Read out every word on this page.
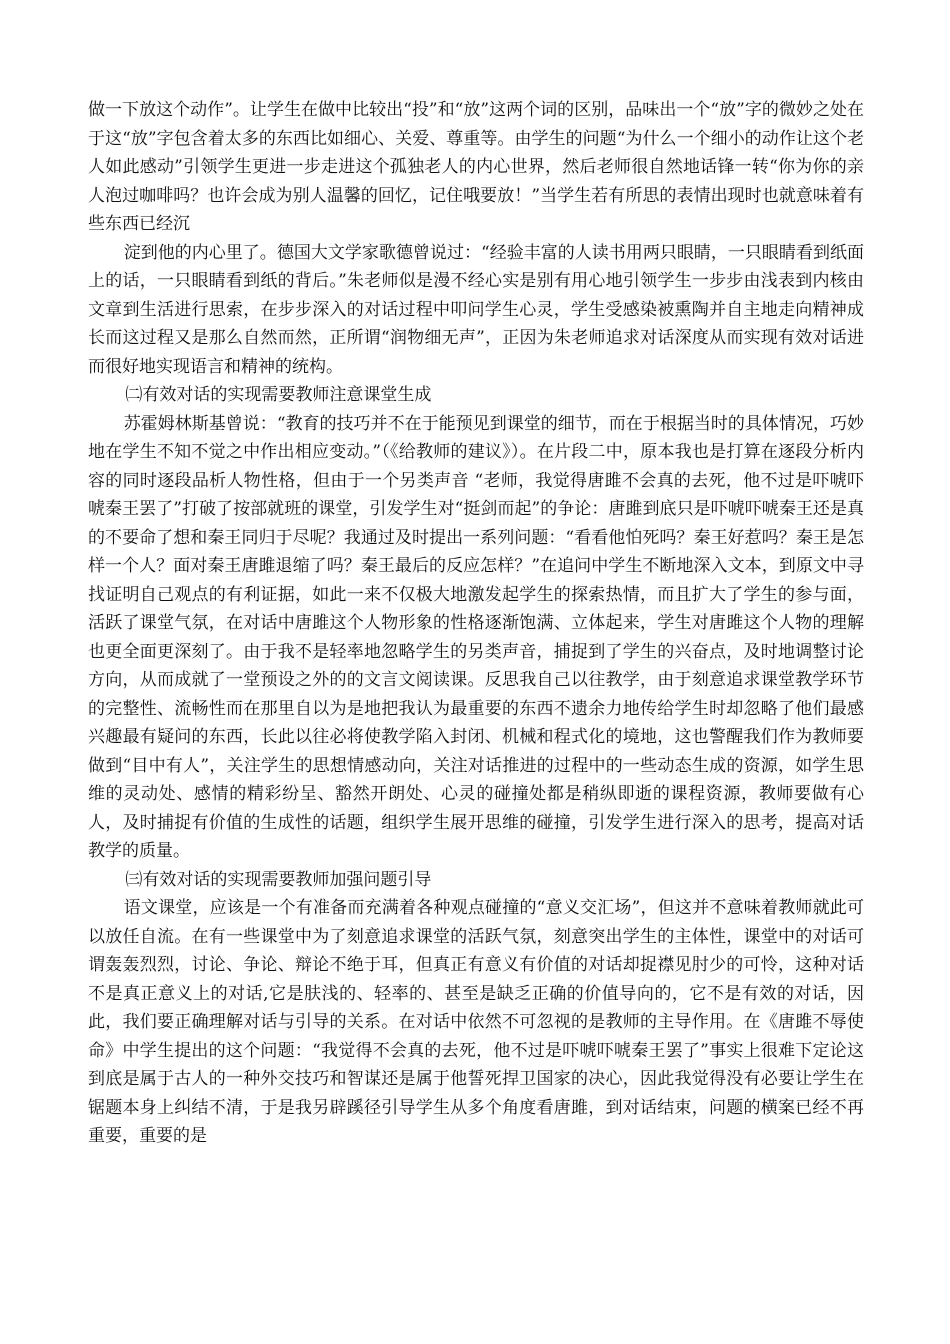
做一下放这个动作”。让学生在做中比较出“投”和“放”这两个词的区别，品味出一个“放”字的微妙之处在于这“放”字包含着太多的东西比如细心、关爱、尊重等。由学生的问题“为什么一个细小的动作让这个老人如此感动”引领学生更进一步走进这个孤独老人的内心世界，然后老师很自然地话锋一转“你为你的亲人泡过咖啡吗？也许会成为别人温馨的回忆，记住哦要放！”当学生若有所思的表情出现时也就意味着有些东西已经沉

淀到他的内心里了。德国大文学家歌德曾说过：“经验丰富的人读书用两只眼睛，一只眼睛看到纸面上的话，一只眼睛看到纸的背后。”朱老师似是漫不经心实是别有用心地引领学生一步步由浅表到内核由文章到生活进行思索，在步步深入的对话过程中叩问学生心灵，学生受感染被熏陶并自主地走向精神成长而这过程又是那么自然而然，正所谓“润物细无声”，正因为朱老师追求对话深度从而实现有效对话进而很好地实现语言和精神的统构。

㈡有效对话的实现需要教师注意课堂生成

苏霍姆林斯基曾说：“教育的技巧并不在于能预见到课堂的细节，而在于根据当时的具体情况，巧妙地在学生不知不觉之中作出相应变动。”（《给教师的建议》）。在片段二中，原本我也是打算在逐段分析内容的同时逐段品析人物性格，但由于一个另类声音 “老师，我觉得唐雎不会真的去死，他不过是吓唬吓唬秦王罢了”打破了按部就班的课堂，引发学生对“挺剑而起”的争论：唐雎到底只是吓唬吓唬秦王还是真的不要命了想和秦王同归于尽呢？我通过及时提出一系列问题：“看看他怕死吗？秦王好惹吗？秦王是怎样一个人？面对秦王唐雎退缩了吗？秦王最后的反应怎样？”在追问中学生不断地深入文本，到原文中寻找证明自己观点的有利证据，如此一来不仅极大地激发起学生的探索热情，而且扩大了学生的参与面，活跃了课堂气氛，在对话中唐雎这个人物形象的性格逐渐饱满、立体起来，学生对唐雎这个人物的理解也更全面更深刻了。由于我不是轻率地忽略学生的另类声音，捕捉到了学生的兴奋点，及时地调整讨论方向，从而成就了一堂预设之外的的文言文阅读课。反思我自己以往教学，由于刻意追求课堂教学环节的完整性、流畅性而在那里自以为是地把我认为最重要的东西不遗余力地传给学生时却忽略了他们最感兴趣最有疑问的东西，长此以往必将使教学陷入封闭、机械和程式化的境地，这也警醒我们作为教师要做到“目中有人”，关注学生的思想情感动向，关注对话推进的过程中的一些动态生成的资源，如学生思维的灵动处、感情的精彩纷呈、豁然开朗处、心灵的碰撞处都是稍纵即逝的课程资源，教师要做有心人，及时捕捉有价值的生成性的话题，组织学生展开思维的碰撞，引发学生进行深入的思考，提高对话教学的质量。

㈢有效对话的实现需要教师加强问题引导

语文课堂，应该是一个有准备而充满着各种观点碰撞的“意义交汇场”，但这并不意味着教师就此可以放任自流。在有一些课堂中为了刻意追求课堂的活跃气氛，刻意突出学生的主体性，课堂中的对话可谓轰轰烈烈，讨论、争论、辩论不绝于耳，但真正有意义有价值的对话却捉襟见肘少的可怜，这种对话不是真正意义上的对话,它是肤浅的、轻率的、甚至是缺乏正确的价值导向的，它不是有效的对话，因此，我们要正确理解对话与引导的关系。在对话中依然不可忽视的是教师的主导作用。在《唐雎不辱使命》中学生提出的这个问题：“我觉得不会真的去死，他不过是吓唬吓唬秦王罢了”事实上很难下定论这到底是属于古人的一种外交技巧和智谋还是属于他誓死捍卫国家的决心，因此我觉得没有必要让学生在锯题本身上纠结不清，于是我另辟蹊径引导学生从多个角度看唐雎，到对话结束，问题的横案已经不再重要，重要的是
